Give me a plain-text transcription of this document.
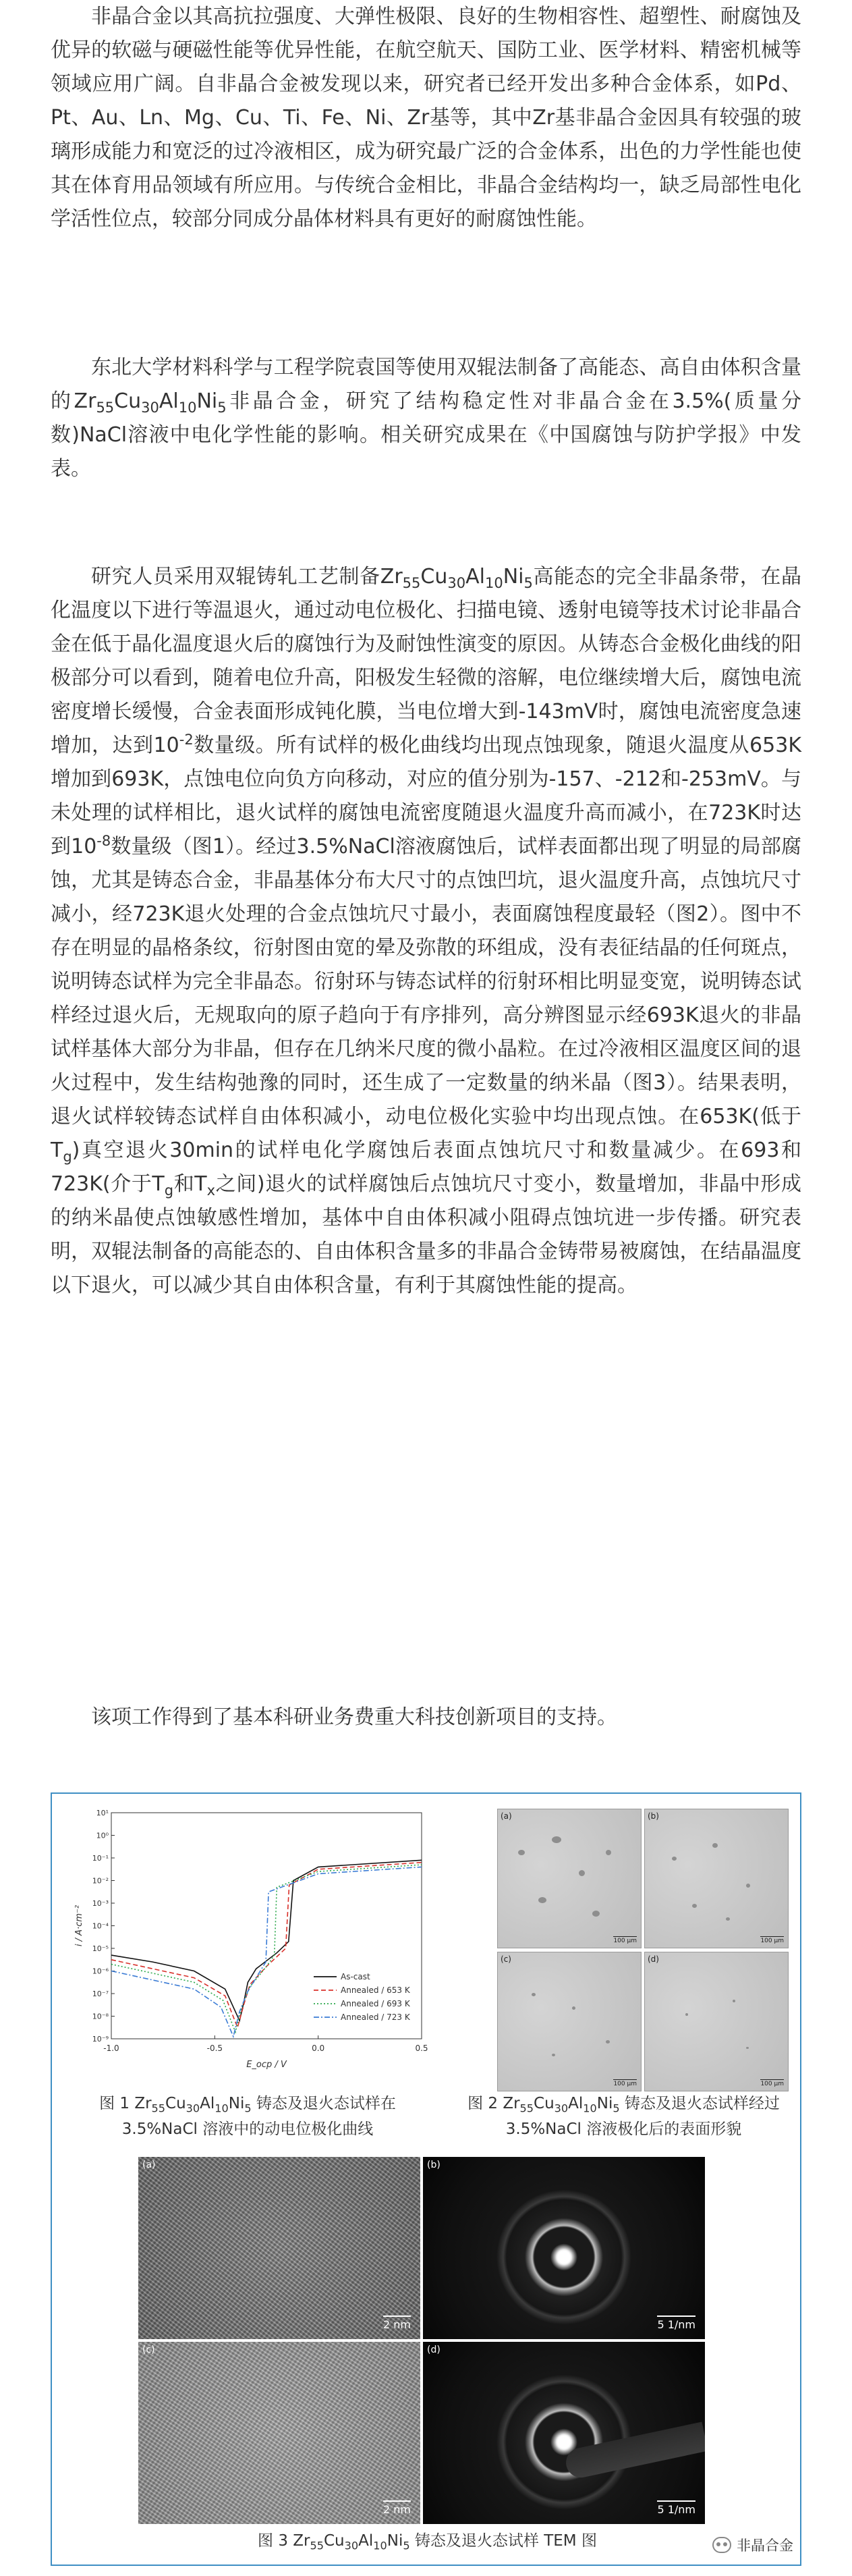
非晶合金以其高抗拉强度、大弹性极限、良好的生物相容性、超塑性、耐腐蚀及优异的软磁与硬磁性能等优异性能，在航空航天、国防工业、医学材料、精密机械等领域应用广阔。自非晶合金被发现以来，研究者已经开发出多种合金体系，如Pd、Pt、Au、Ln、Mg、Cu、Ti、Fe、Ni、Zr基等，其中Zr基非晶合金因具有较强的玻璃形成能力和宽泛的过冷液相区，成为研究最广泛的合金体系，出色的力学性能也使其在体育用品领域有所应用。与传统合金相比，非晶合金结构均一，缺乏局部性电化学活性位点，较部分同成分晶体材料具有更好的耐腐蚀性能。

东北大学材料科学与工程学院袁国等使用双辊法制备了高能态、高自由体积含量的$Zr_{55}Cu_{30}Al_{10}Ni_5$非晶合金，研究了结构稳定性对非晶合金在3.5%(质量分数)NaCl溶液中电化学性能的影响。相关研究成果在《中国腐蚀与防护学报》中发表。

研究人员采用双辊铸轧工艺制备$Zr_{55}Cu_{30}Al_{10}Ni_5$高能态的完全非晶条带，在晶化温度以下进行等温退火，通过动电位极化、扫描电镜、透射电镜等技术讨论非晶合金在低于晶化温度退火后的腐蚀行为及耐蚀性演变的原因。从铸态合金极化曲线的阳极部分可以看到，随着电位升高，阳极发生轻微的溶解，电位继续增大后，腐蚀电流密度增长缓慢，合金表面形成钝化膜，当电位增大到-143mV时，腐蚀电流密度急速增加，达到$10^{-2}$数量级。所有试样的极化曲线均出现点蚀现象，随退火温度从653K增加到693K，点蚀电位向负方向移动，对应的值分别为-157、-212和-253mV。与未处理的试样相比，退火试样的腐蚀电流密度随退火温度升高而减小，在723K时达到$10^{-8}$数量级（图1）。经过3.5%NaCl溶液腐蚀后，试样表面都出现了明显的局部腐蚀，尤其是铸态合金，非晶基体分布大尺寸的点蚀凹坑，退火温度升高，点蚀坑尺寸减小，经723K退火处理的合金点蚀坑尺寸最小，表面腐蚀程度最轻（图2）。图中不存在明显的晶格条纹，衍射图由宽的晕及弥散的环组成，没有表征结晶的任何斑点，说明铸态试样为完全非晶态。衍射环与铸态试样的衍射环相比明显变宽，说明铸态试样经过退火后，无规取向的原子趋向于有序排列，高分辨图显示经693K退火的非晶试样基体大部分为非晶，但存在几纳米尺度的微小晶粒。在过冷液相区温度区间的退火过程中，发生结构弛豫的同时，还生成了一定数量的纳米晶（图3）。结果表明，退火试样较铸态试样自由体积减小，动电位极化实验中均出现点蚀。在653K(低于$T_g$)真空退火30min的试样电化学腐蚀后表面点蚀坑尺寸和数量减少。在693和723K(介于$T_g$和$T_x$之间)退火的试样腐蚀后点蚀坑尺寸变小，数量增加，非晶中形成的纳米晶使点蚀敏感性增加，基体中自由体积减小阻碍点蚀坑进一步传播。研究表明，双辊法制备的高能态的、自由体积含量多的非晶合金铸带易被腐蚀，在结晶温度以下退火，可以减少其自由体积含量，有利于其腐蚀性能的提高。

该项工作得到了基本科研业务费重大科技创新项目的支持。

10⁻⁹
10⁻⁸
10⁻⁷
10⁻⁶
10⁻⁵
10⁻⁴
10⁻³
10⁻²
10⁻¹
10⁰
10¹
-1.0	-0.5	0.0	0.5
E_ocp / V
i / A·cm⁻²
As-cast
Annealed / 653 K
Annealed / 693 K
Annealed / 723 K
(a)
100 μm
(b)
100 μm
(c)
100 μm
(d)
100 μm
图 1 $Zr_{55}Cu_{30}Al_{10}Ni_5$ 铸态及退火态试样在
3.5%NaCl 溶液中的动电位极化曲线
图 2 $Zr_{55}Cu_{30}Al_{10}Ni_5$ 铸态及退火态试样经过
3.5%NaCl 溶液极化后的表面形貌
(a)
2 nm
(b)
5 1/nm
(c)
2 nm
(d)
5 1/nm
图 3 $Zr_{55}Cu_{30}Al_{10}Ni_5$ 铸态及退火态试样 TEM 图	非晶合金
